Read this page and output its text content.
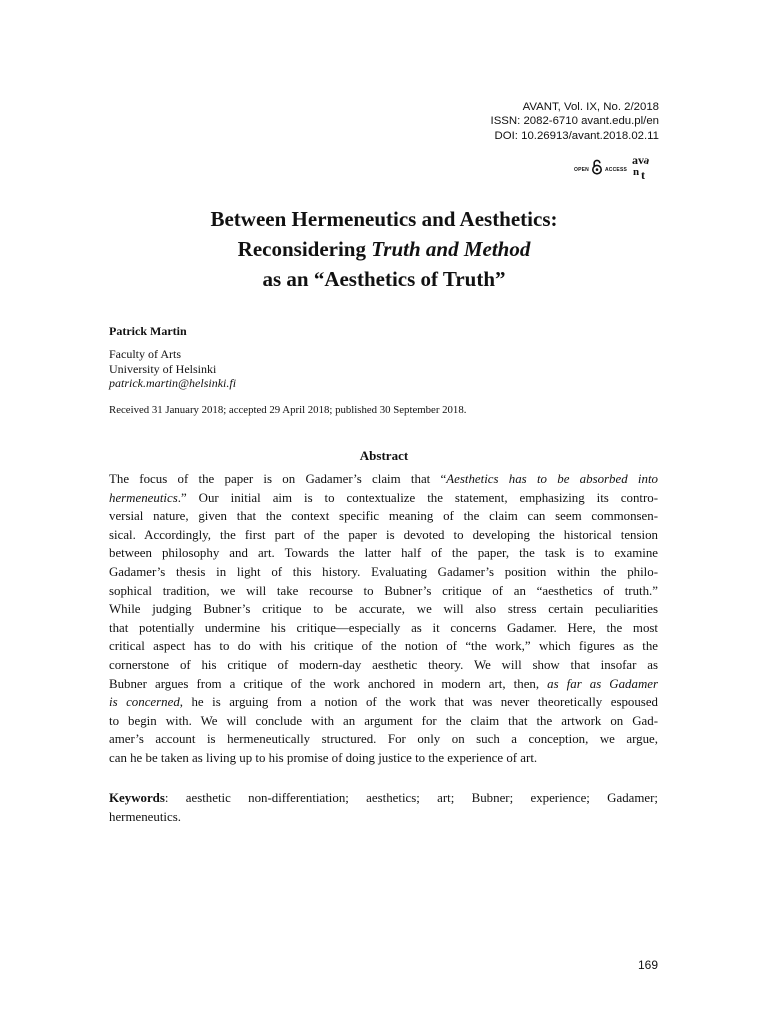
AVANT, Vol. IX, No. 2/2018
ISSN: 2082-6710 avant.edu.pl/en
DOI: 10.26913/avant.2018.02.11
OPEN	ACCESS
av
a
n t
Between Hermeneutics and Aesthetics:
Reconsidering Truth and Method
as an “Aesthetics of Truth”
Patrick Martin
Faculty of Arts
University of Helsinki
patrick.martin@helsinki.fi
Received 31 January 2018; accepted 29 April 2018; published 30 September 2018.
Abstract
The focus of the paper is on Gadamer’s claim that “Aesthetics has to be absorbed into
hermeneutics.” Our initial aim is to contextualize the statement, emphasizing its contro-
versial nature, given that the context specific meaning of the claim can seem commonsen-
sical. Accordingly, the first part of the paper is devoted to developing the historical tension
between philosophy and art. Towards the latter half of the paper, the task is to examine
Gadamer’s thesis in light of this history. Evaluating Gadamer’s position within the philo-
sophical tradition, we will take recourse to Bubner’s critique of an “aesthetics of truth.”
While judging Bubner’s critique to be accurate, we will also stress certain peculiarities
that potentially undermine his critique—especially as it concerns Gadamer. Here, the most
critical aspect has to do with his critique of the notion of “the work,” which figures as the
cornerstone of his critique of modern-day aesthetic theory. We will show that insofar as
Bubner argues from a critique of the work anchored in modern art, then, as far as Gadamer
is concerned, he is arguing from a notion of the work that was never theoretically espoused
to begin with. We will conclude with an argument for the claim that the artwork on Gad-
amer’s account is hermeneutically structured. For only on such a conception, we argue,
can he be taken as living up to his promise of doing justice to the experience of art.
Keywords: aesthetic non-differentiation; aesthetics; art; Bubner; experience; Gadamer;
hermeneutics.
169
